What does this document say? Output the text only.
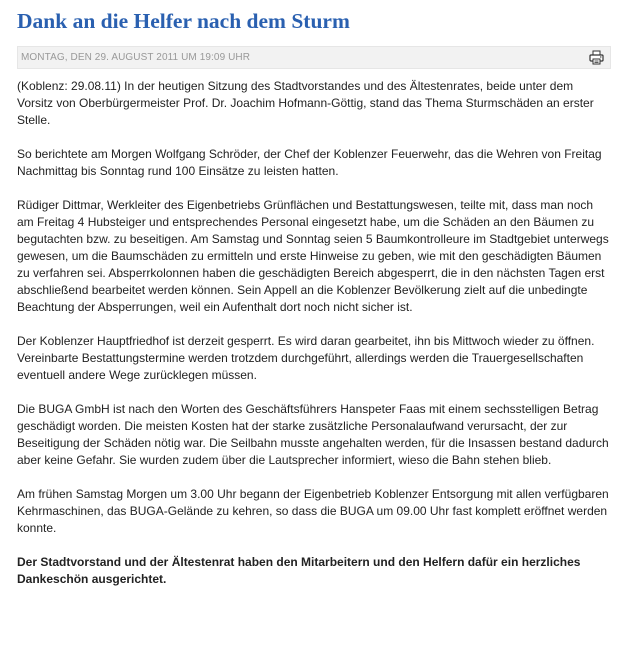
Dank an die Helfer nach dem Sturm
MONTAG, DEN 29. AUGUST 2011 UM 19:09 UHR

(Koblenz: 29.08.11) In der heutigen Sitzung des Stadtvorstandes und des Ältestenrates, beide unter dem Vorsitz von Oberbürgermeister Prof. Dr. Joachim Hofmann-Göttig, stand das Thema Sturmschäden an erster Stelle.

So berichtete am Morgen Wolfgang Schröder, der Chef der Koblenzer Feuerwehr, das die Wehren von Freitag Nachmittag bis Sonntag rund 100 Einsätze zu leisten hatten.

Rüdiger Dittmar, Werkleiter des Eigenbetriebs Grünflächen und Bestattungswesen, teilte mit, dass man noch am Freitag 4 Hubsteiger und entsprechendes Personal eingesetzt habe, um die Schäden an den Bäumen zu begutachten bzw. zu beseitigen. Am Samstag und Sonntag seien 5 Baumkontrolleure im Stadtgebiet unterwegs gewesen, um die Baumschäden zu ermitteln und erste Hinweise zu geben, wie mit den geschädigten Bäumen zu verfahren sei. Absperrkolonnen haben die geschädigten Bereich abgesperrt, die in den nächsten Tagen erst abschließend bearbeitet werden können. Sein Appell an die Koblenzer Bevölkerung zielt auf die unbedingte Beachtung der Absperrungen, weil ein Aufenthalt dort noch nicht sicher ist.

Der Koblenzer Hauptfriedhof ist derzeit gesperrt. Es wird daran gearbeitet, ihn bis Mittwoch wieder zu öffnen. Vereinbarte Bestattungstermine werden trotzdem durchgeführt, allerdings werden die Trauergesellschaften eventuell andere Wege zurücklegen müssen.

Die BUGA GmbH ist nach den Worten des Geschäftsführers Hanspeter Faas mit einem sechsstelligen Betrag geschädigt worden. Die meisten Kosten hat der starke zusätzliche Personalaufwand verursacht, der zur Beseitigung der Schäden nötig war. Die Seilbahn musste angehalten werden, für die Insassen bestand dadurch aber keine Gefahr. Sie wurden zudem über die Lautsprecher informiert, wieso die Bahn stehen blieb.

Am frühen Samstag Morgen um 3.00 Uhr begann der Eigenbetrieb Koblenzer Entsorgung mit allen verfügbaren Kehrmaschinen, das BUGA-Gelände zu kehren, so dass die BUGA um 09.00 Uhr fast komplett eröffnet werden konnte.

Der Stadtvorstand und der Ältestenrat haben den Mitarbeitern und den Helfern dafür ein herzliches Dankeschön ausgerichtet.
